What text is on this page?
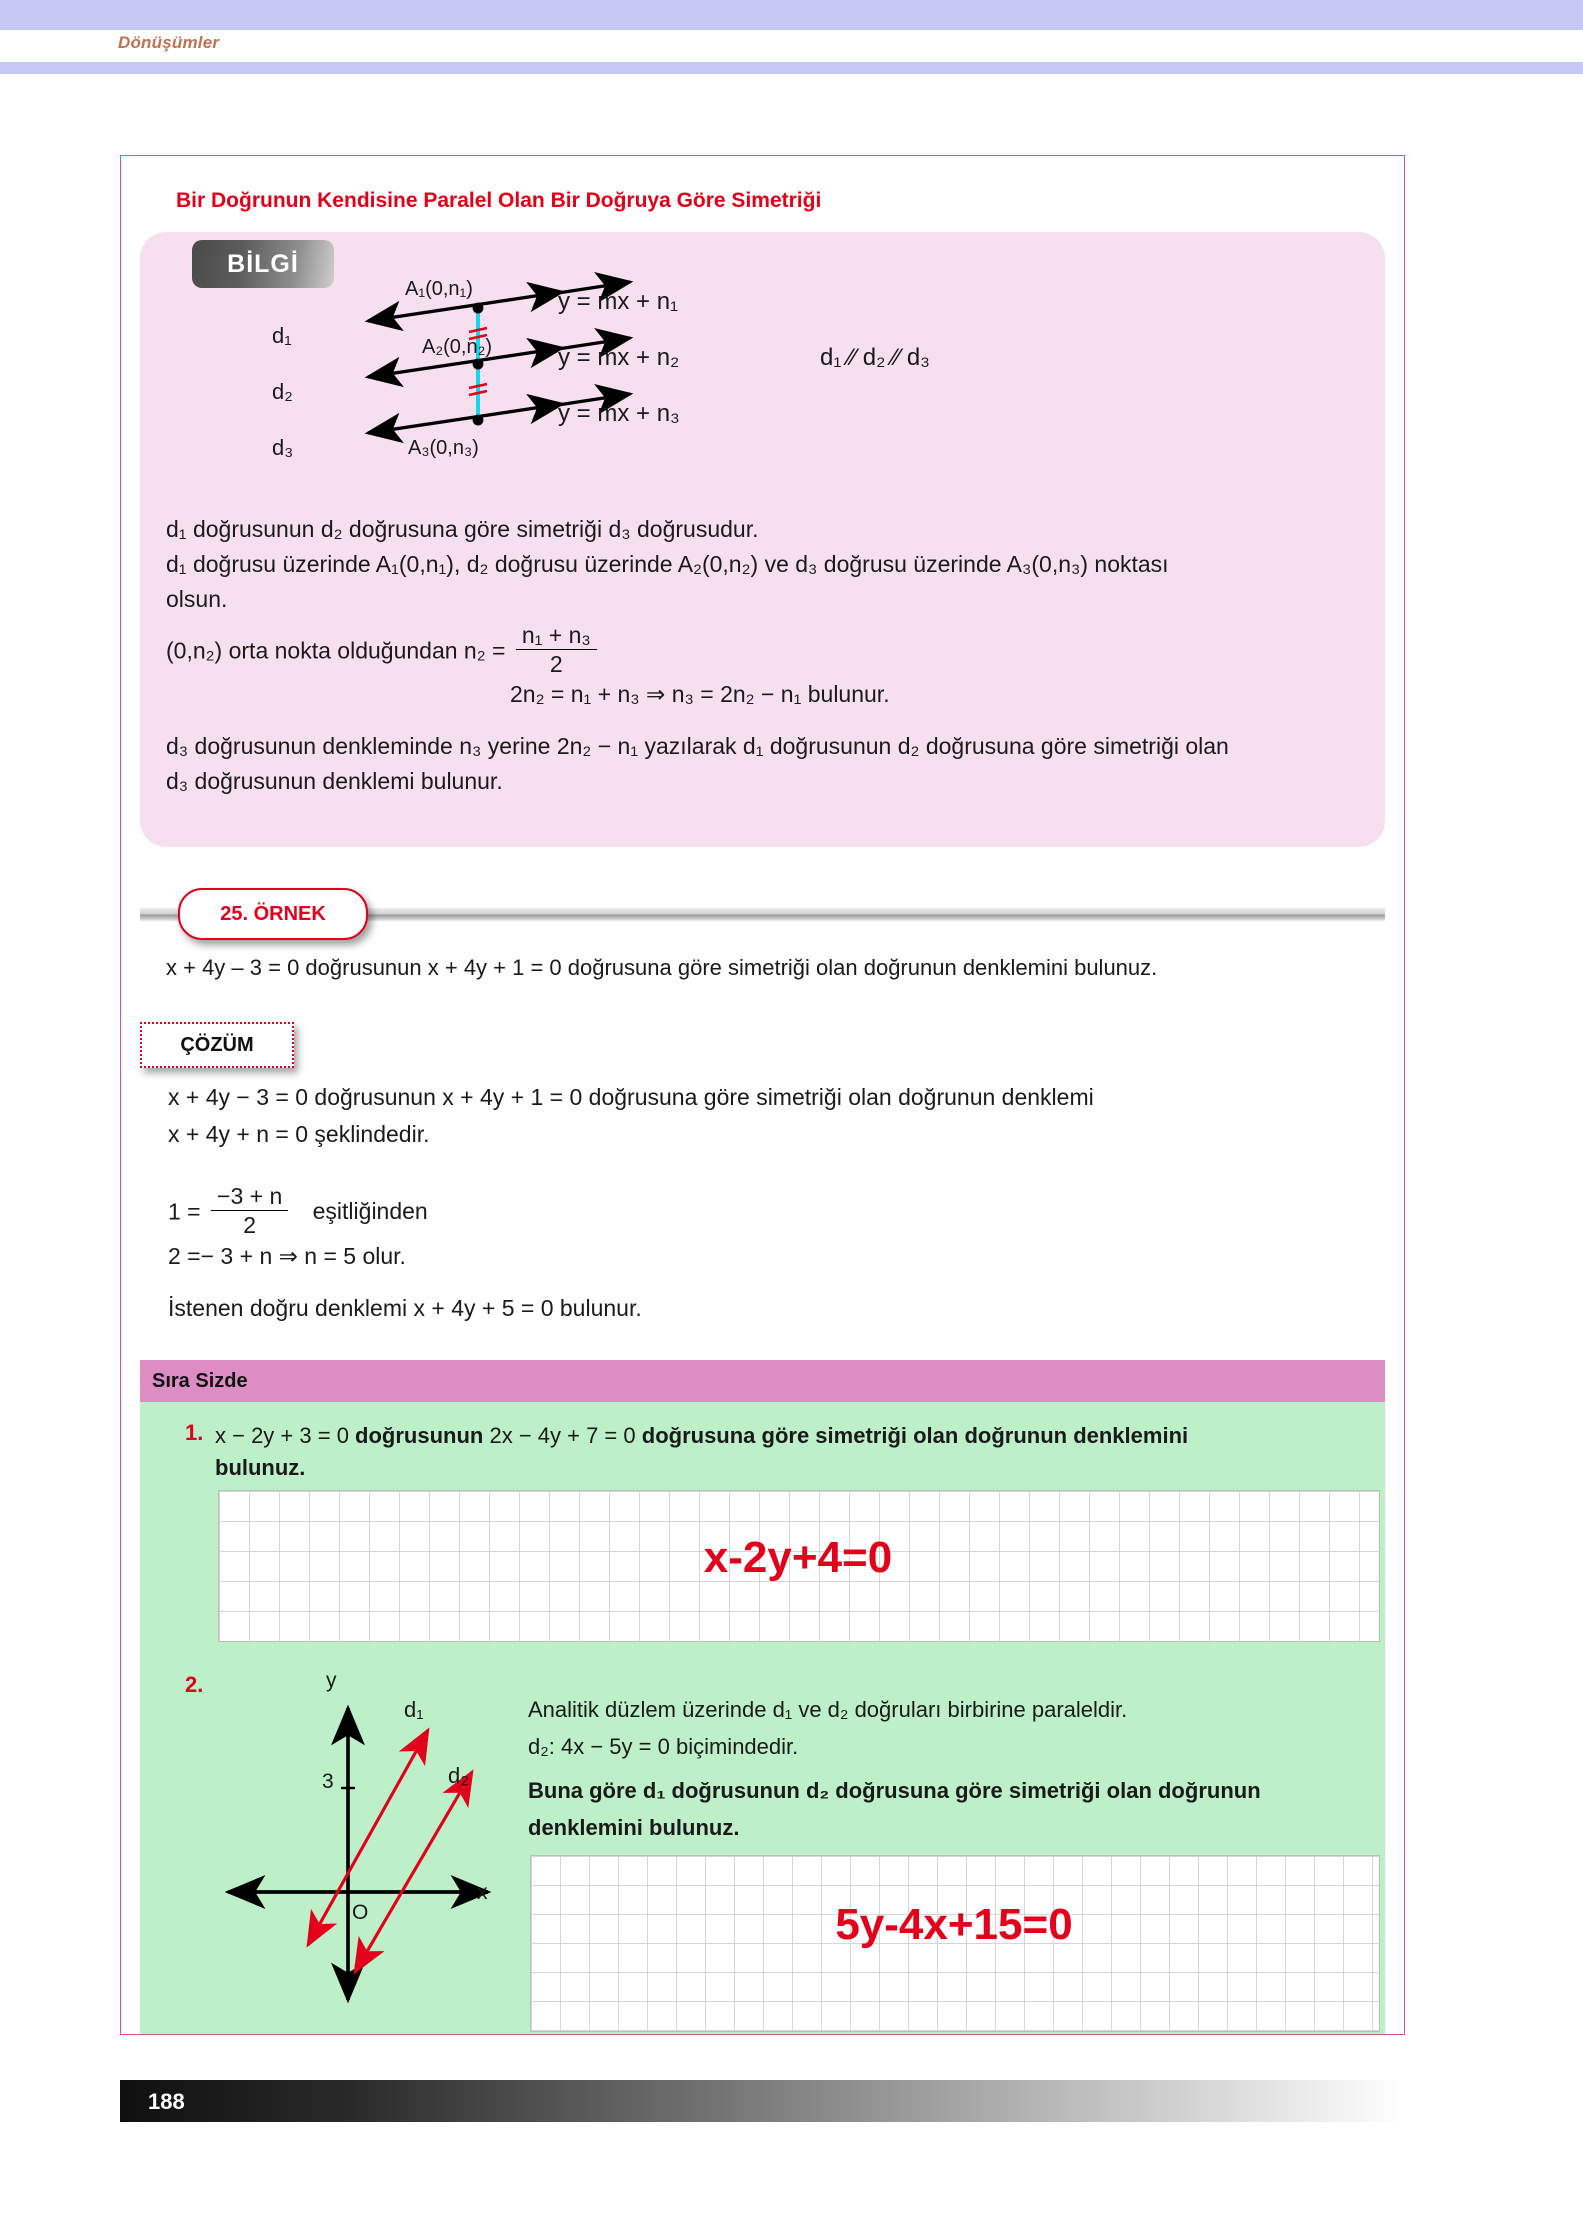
Dönüşümler
Bir Doğrunun Kendisine Paralel Olan Bir Doğruya Göre Simetriği
BİLGİ
d₁
d₂
d₃
A₁(0,n₁)
A₂(0,n₂)
A₃(0,n₃)
y = mx + n₁
y = mx + n₂
y = mx + n₃
d₁ ∕∕ d₂ ∕∕ d₃
d₁ doğrusunun d₂ doğrusuna göre simetriği d₃ doğrusudur.
d₁ doğrusu üzerinde A₁(0,n₁), d₂ doğrusu üzerinde A₂(0,n₂) ve d₃ doğrusu üzerinde A₃(0,n₃) noktası
olsun.
(0,n₂) orta nokta olduğundan $n_2 = \frac{\text{n₁ + n₃}}{2}$
2n₂ = n₁ + n₃ ⇒ n₃ = 2n₂ − n₁ bulunur.
d₃ doğrusunun denkleminde n₃ yerine 2n₂ − n₁ yazılarak d₁ doğrusunun d₂ doğrusuna göre simetriği olan
d₃ doğrusunun denklemi bulunur.
25. ÖRNEK
x + 4y – 3 = 0 doğrusunun x + 4y + 1 = 0 doğrusuna göre simetriği olan doğrunun denklemini bulunuz.
ÇÖZÜM
x + 4y − 3 = 0 doğrusunun x + 4y + 1 = 0 doğrusuna göre simetriği olan doğrunun denklemi
x + 4y + n = 0 şeklindedir.
$1 = \frac{-3 + n}{2}$ eşitliğinden
2 =− 3 + n ⇒ n = 5 olur.
İstenen doğru denklemi x + 4y + 5 = 0 bulunur.
Sıra Sizde
1. x − 2y + 3 = 0 doğrusunun 2x − 4y + 7 = 0 doğrusuna göre simetriği olan doğrunun denklemini
bulunuz.
x-2y+4=0
2.	y
x
O
3
d₁
d₂
Analitik düzlem üzerinde d₁ ve d₂ doğruları birbirine paraleldir.
d₂: 4x − 5y = 0 biçimindedir.
Buna göre d₁ doğrusunun d₂ doğrusuna göre simetriği olan doğrunun
denklemini bulunuz.
5y-4x+15=0
188
